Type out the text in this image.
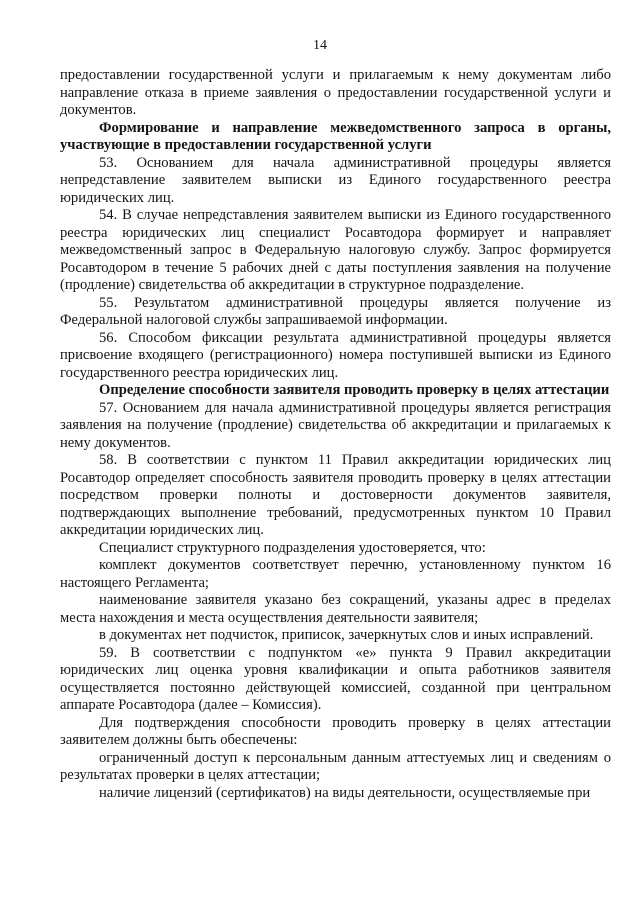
14

предоставлении государственной услуги и прилагаемым к нему документам либо направление отказа в приеме заявления о предоставлении государственной услуги и документов.

Формирование и направление межведомственного запроса в органы, участвующие в предоставлении государственной услуги

53. Основанием для начала административной процедуры является непредставление заявителем выписки из Единого государственного реестра юридических лиц.

54. В случае непредставления заявителем выписки из Единого государственного реестра юридических лиц специалист Росавтодора формирует и направляет межведомственный запрос в Федеральную налоговую службу. Запрос формируется Росавтодором в течение 5 рабочих дней с даты поступления заявления на получение (продление) свидетельства об аккредитации в структурное подразделение.

55. Результатом административной процедуры является получение из Федеральной налоговой службы запрашиваемой информации.

56. Способом фиксации результата административной процедуры является присвоение входящего (регистрационного) номера поступившей выписки из Единого государственного реестра юридических лиц.

Определение способности заявителя проводить проверку в целях аттестации

57. Основанием для начала административной процедуры является регистрация заявления на получение (продление) свидетельства об аккредитации и прилагаемых к нему документов.

58. В соответствии с пунктом 11 Правил аккредитации юридических лиц Росавтодор определяет способность заявителя проводить проверку в целях аттестации посредством проверки полноты и достоверности документов заявителя, подтверждающих выполнение требований, предусмотренных пунктом 10 Правил аккредитации юридических лиц.

Специалист структурного подразделения удостоверяется, что:

комплект документов соответствует перечню, установленному пунктом 16 настоящего Регламента;

наименование заявителя указано без сокращений, указаны адрес в пределах места нахождения и места осуществления деятельности заявителя;

в документах нет подчисток, приписок, зачеркнутых слов и иных исправлений.

59. В соответствии с подпунктом «е» пункта 9 Правил аккредитации юридических лиц оценка уровня квалификации и опыта работников заявителя осуществляется постоянно действующей комиссией, созданной при центральном аппарате Росавтодора (далее – Комиссия).

Для подтверждения способности проводить проверку в целях аттестации заявителем должны быть обеспечены:

ограниченный доступ к персональным данным аттестуемых лиц и сведениям о результатах проверки в целях аттестации;

наличие лицензий (сертификатов) на виды деятельности, осуществляемые при
